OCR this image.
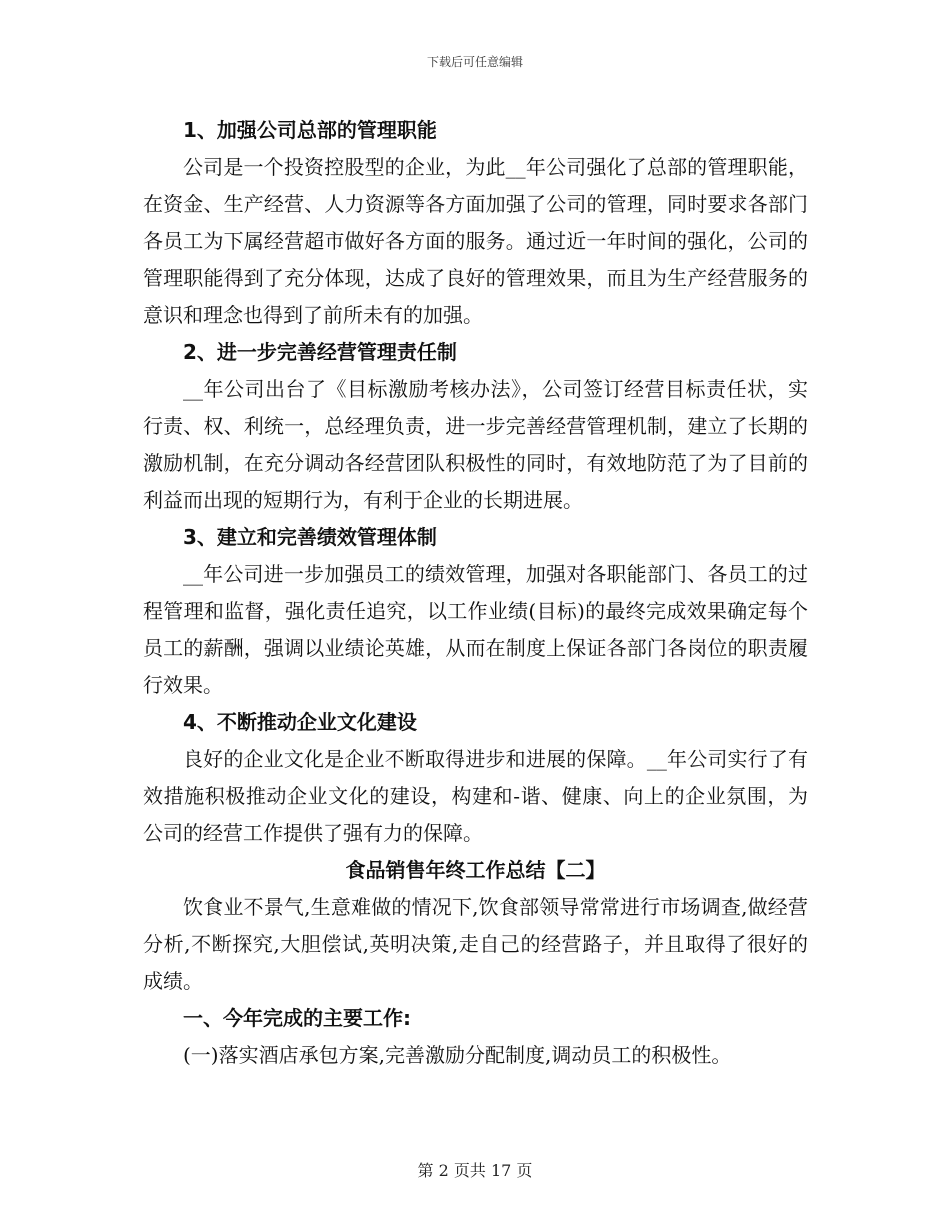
下载后可任意编辑
1、加强公司总部的管理职能

公司是一个投资控股型的企业，为此__年公司强化了总部的管理职能，在资金、生产经营、人力资源等各方面加强了公司的管理，同时要求各部门各员工为下属经营超市做好各方面的服务。通过近一年时间的强化，公司的管理职能得到了充分体现，达成了良好的管理效果，而且为生产经营服务的意识和理念也得到了前所未有的加强。

2、进一步完善经营管理责任制

__年公司出台了《目标激励考核办法》，公司签订经营目标责任状，实行责、权、利统一，总经理负责，进一步完善经营管理机制，建立了长期的激励机制，在充分调动各经营团队积极性的同时，有效地防范了为了目前的利益而出现的短期行为，有利于企业的长期进展。

3、建立和完善绩效管理体制

__年公司进一步加强员工的绩效管理，加强对各职能部门、各员工的过程管理和监督，强化责任追究，以工作业绩(目标)的最终完成效果确定每个员工的薪酬，强调以业绩论英雄，从而在制度上保证各部门各岗位的职责履行效果。

4、不断推动企业文化建设

良好的企业文化是企业不断取得进步和进展的保障。__年公司实行了有效措施积极推动企业文化的建设，构建和-谐、健康、向上的企业氛围，为公司的经营工作提供了强有力的保障。

食品销售年终工作总结【二】

饮食业不景气,生意难做的情况下,饮食部领导常常进行市场调查,做经营分析,不断探究,大胆偿试,英明决策,走自己的经营路子，并且取得了很好的成绩。

一、今年完成的主要工作:

(一)落实酒店承包方案,完善激励分配制度,调动员工的积极性。

第 2 页共 17 页
